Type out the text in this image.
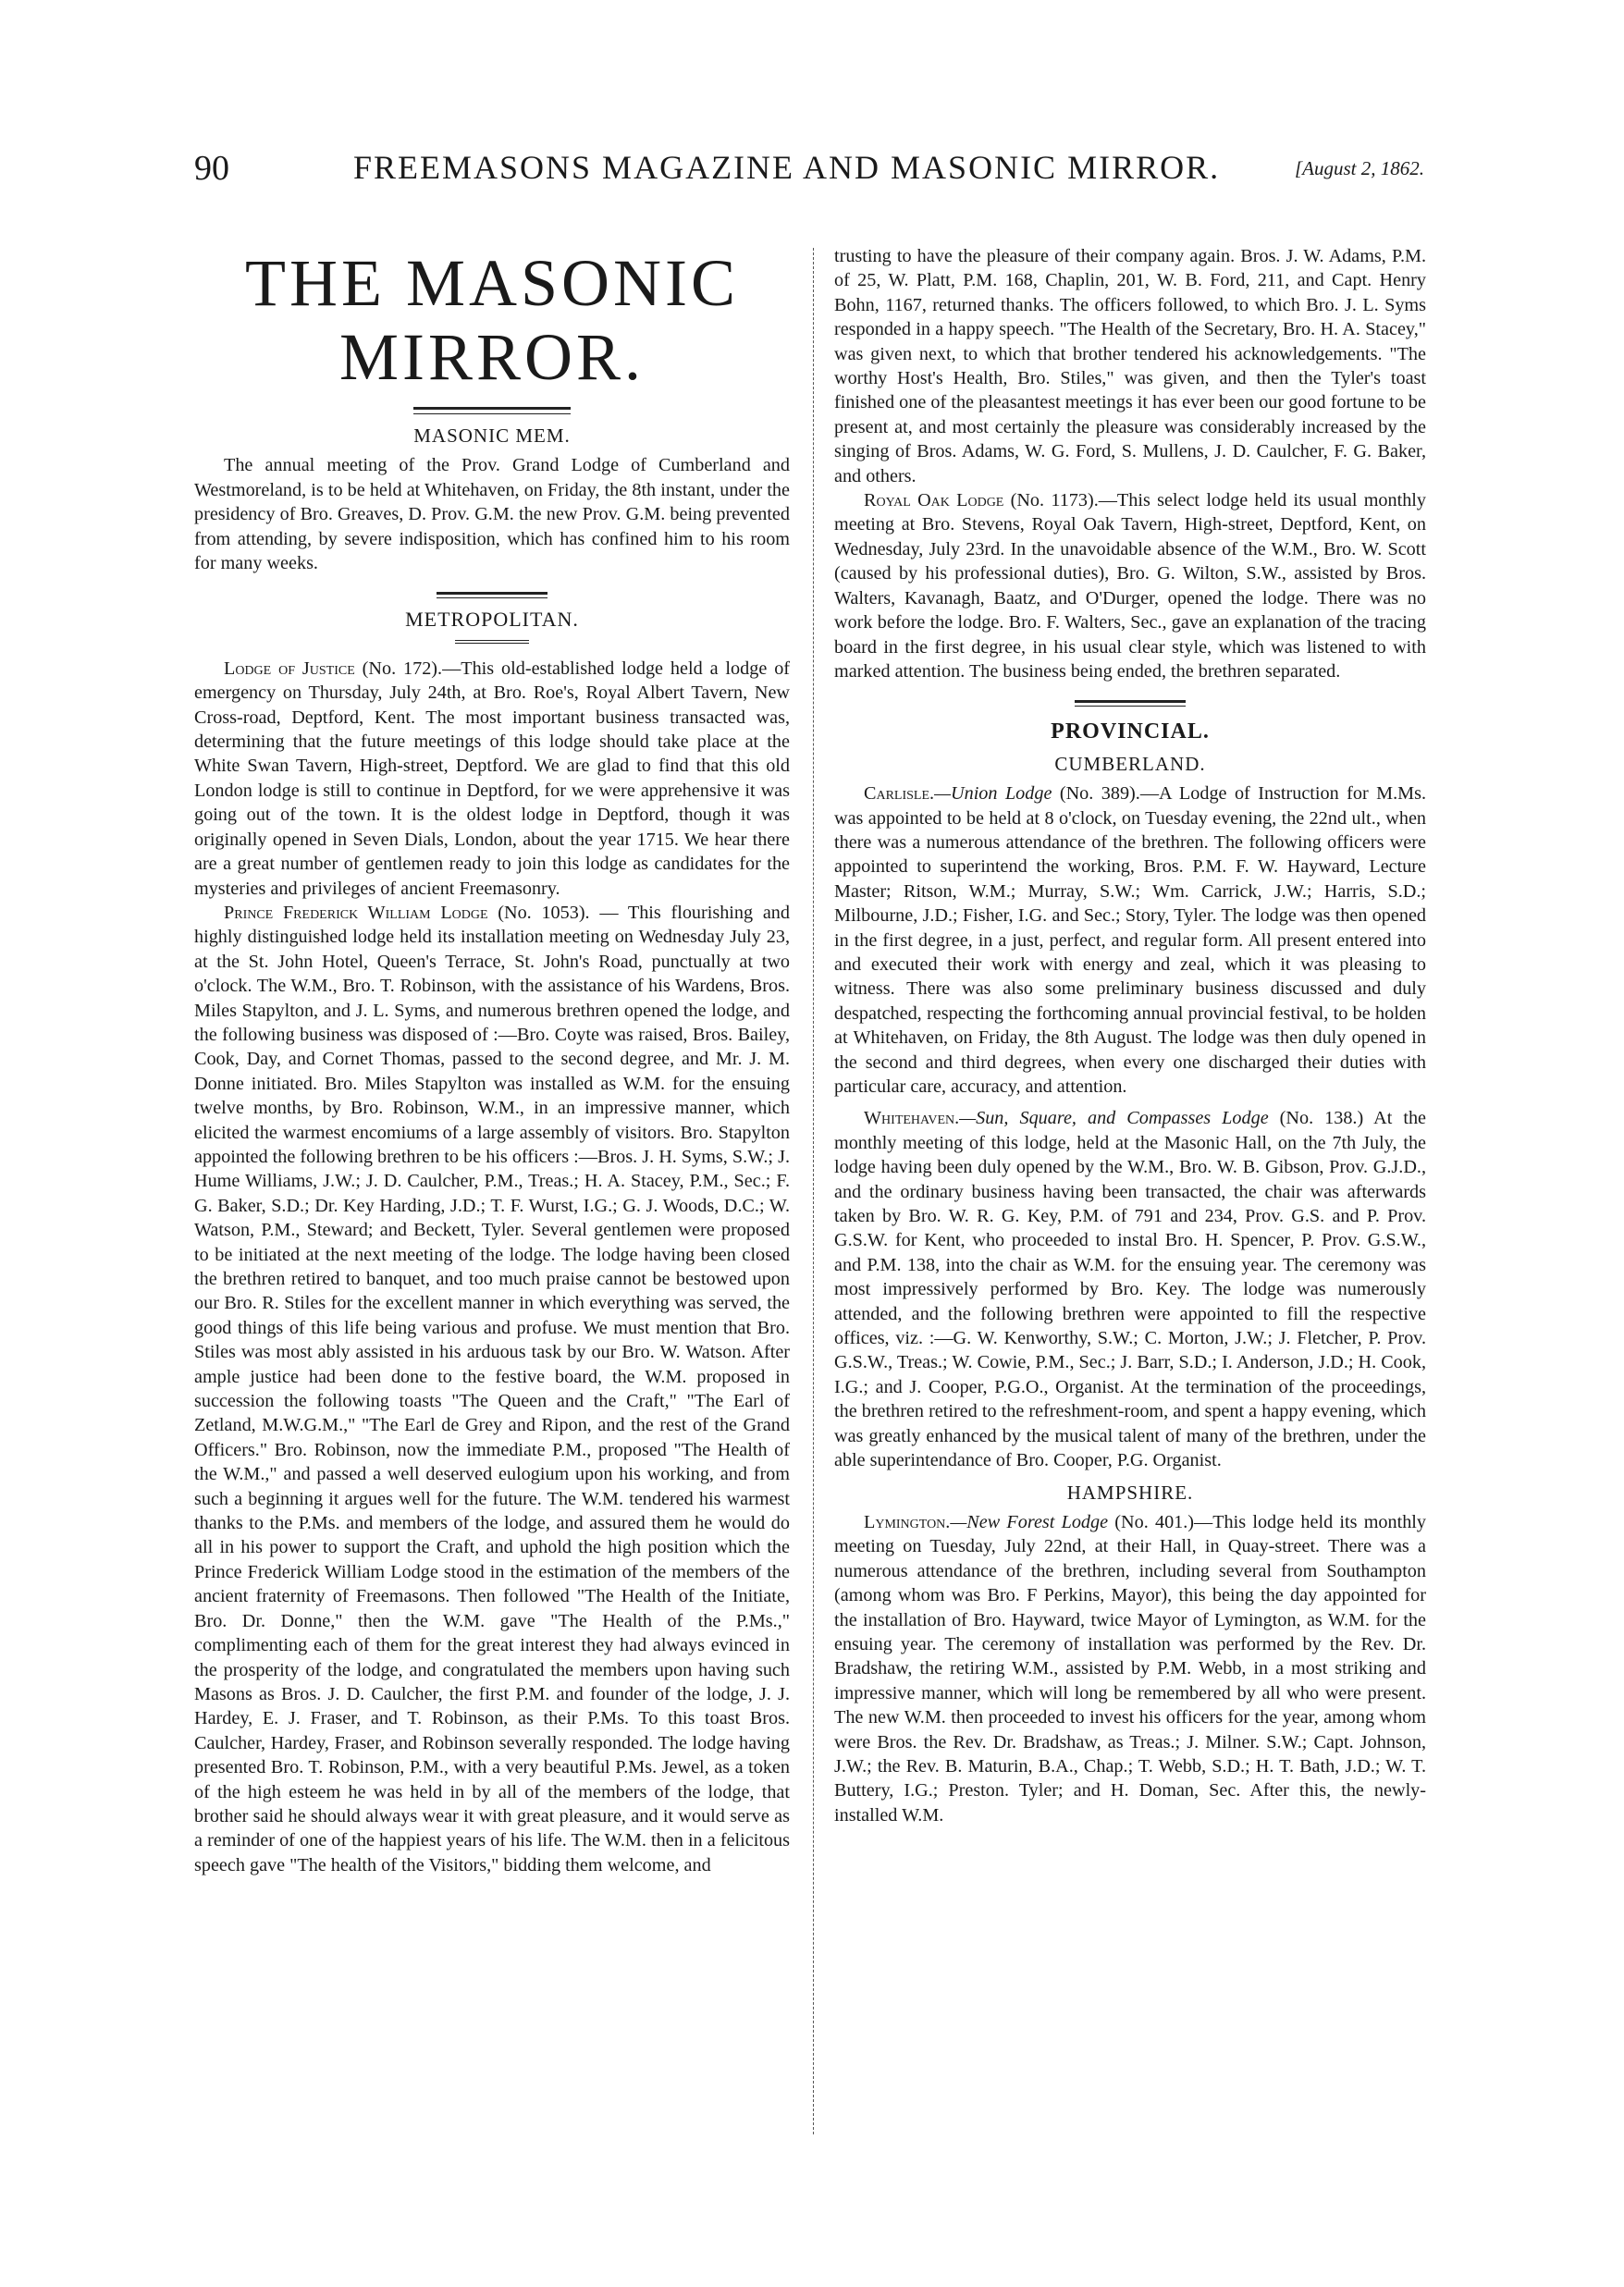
90	FREEMASONS MAGAZINE AND MASONIC MIRROR.	[August 2, 1862.
THE MASONIC MIRROR.
MASONIC MEM.

The annual meeting of the Prov. Grand Lodge of Cumberland and Westmoreland, is to be held at Whitehaven, on Friday, the 8th instant, under the presidency of Bro. Greaves, D. Prov. G.M. the new Prov. G.M. being prevented from attending, by severe indisposition, which has confined him to his room for many weeks.

METROPOLITAN.

Lodge of Justice (No. 172).—This old-established lodge held a lodge of emergency on Thursday, July 24th, at Bro. Roe's, Royal Albert Tavern, New Cross-road, Deptford, Kent. The most important business transacted was, determining that the future meetings of this lodge should take place at the White Swan Tavern, High-street, Deptford. We are glad to find that this old London lodge is still to continue in Deptford, for we were apprehensive it was going out of the town. It is the oldest lodge in Deptford, though it was originally opened in Seven Dials, London, about the year 1715. We hear there are a great number of gentlemen ready to join this lodge as candidates for the mysteries and privileges of ancient Freemasonry.

Prince Frederick William Lodge (No. 1053). — This flourishing and highly distinguished lodge held its installation meeting on Wednesday July 23, at the St. John Hotel, Queen's Terrace, St. John's Road, punctually at two o'clock. The W.M., Bro. T. Robinson, with the assistance of his Wardens, Bros. Miles Stapylton, and J. L. Syms, and numerous brethren opened the lodge, and the following business was disposed of :—Bro. Coyte was raised, Bros. Bailey, Cook, Day, and Cornet Thomas, passed to the second degree, and Mr. J. M. Donne initiated. Bro. Miles Stapylton was installed as W.M. for the ensuing twelve months, by Bro. Robinson, W.M., in an impressive manner, which elicited the warmest encomiums of a large assembly of visitors. Bro. Stapylton appointed the following brethren to be his officers :—Bros. J. H. Syms, S.W.; J. Hume Williams, J.W.; J. D. Caulcher, P.M., Treas.; H. A. Stacey, P.M., Sec.; F. G. Baker, S.D.; Dr. Key Harding, J.D.; T. F. Wurst, I.G.; G. J. Woods, D.C.; W. Watson, P.M., Steward; and Beckett, Tyler. Several gentlemen were proposed to be initiated at the next meeting of the lodge. The lodge having been closed the brethren retired to banquet, and too much praise cannot be bestowed upon our Bro. R. Stiles for the excellent manner in which everything was served, the good things of this life being various and profuse. We must mention that Bro. Stiles was most ably assisted in his arduous task by our Bro. W. Watson. After ample justice had been done to the festive board, the W.M. proposed in succession the following toasts "The Queen and the Craft," "The Earl of Zetland, M.W.G.M.," "The Earl de Grey and Ripon, and the rest of the Grand Officers." Bro. Robinson, now the immediate P.M., proposed "The Health of the W.M.," and passed a well deserved eulogium upon his working, and from such a beginning it argues well for the future. The W.M. tendered his warmest thanks to the P.Ms. and members of the lodge, and assured them he would do all in his power to support the Craft, and uphold the high position which the Prince Frederick William Lodge stood in the estimation of the members of the ancient fraternity of Freemasons. Then followed "The Health of the Initiate, Bro. Dr. Donne," then the W.M. gave "The Health of the P.Ms.," complimenting each of them for the great interest they had always evinced in the prosperity of the lodge, and congratulated the members upon having such Masons as Bros. J. D. Caulcher, the first P.M. and founder of the lodge, J. J. Hardey, E. J. Fraser, and T. Robinson, as their P.Ms. To this toast Bros. Caulcher, Hardey, Fraser, and Robinson severally responded. The lodge having presented Bro. T. Robinson, P.M., with a very beautiful P.Ms. Jewel, as a token of the high esteem he was held in by all of the members of the lodge, that brother said he should always wear it with great pleasure, and it would serve as a reminder of one of the happiest years of his life. The W.M. then in a felicitous speech gave "The health of the Visitors," bidding them welcome, and

trusting to have the pleasure of their company again. Bros. J. W. Adams, P.M. of 25, W. Platt, P.M. 168, Chaplin, 201, W. B. Ford, 211, and Capt. Henry Bohn, 1167, returned thanks. The officers followed, to which Bro. J. L. Syms responded in a happy speech. "The Health of the Secretary, Bro. H. A. Stacey," was given next, to which that brother tendered his acknowledgements. "The worthy Host's Health, Bro. Stiles," was given, and then the Tyler's toast finished one of the pleasantest meetings it has ever been our good fortune to be present at, and most certainly the pleasure was considerably increased by the singing of Bros. Adams, W. G. Ford, S. Mullens, J. D. Caulcher, F. G. Baker, and others.

Royal Oak Lodge (No. 1173).—This select lodge held its usual monthly meeting at Bro. Stevens, Royal Oak Tavern, High-street, Deptford, Kent, on Wednesday, July 23rd. In the unavoidable absence of the W.M., Bro. W. Scott (caused by his professional duties), Bro. G. Wilton, S.W., assisted by Bros. Walters, Kavanagh, Baatz, and O'Durger, opened the lodge. There was no work before the lodge. Bro. F. Walters, Sec., gave an explanation of the tracing board in the first degree, in his usual clear style, which was listened to with marked attention. The business being ended, the brethren separated.

PROVINCIAL.
CUMBERLAND.

Carlisle.—Union Lodge (No. 389).—A Lodge of Instruction for M.Ms. was appointed to be held at 8 o'clock, on Tuesday evening, the 22nd ult., when there was a numerous attendance of the brethren. The following officers were appointed to superintend the working, Bros. P.M. F. W. Hayward, Lecture Master; Ritson, W.M.; Murray, S.W.; Wm. Carrick, J.W.; Harris, S.D.; Milbourne, J.D.; Fisher, I.G. and Sec.; Story, Tyler. The lodge was then opened in the first degree, in a just, perfect, and regular form. All present entered into and executed their work with energy and zeal, which it was pleasing to witness. There was also some preliminary business discussed and duly despatched, respecting the forthcoming annual provincial festival, to be holden at Whitehaven, on Friday, the 8th August. The lodge was then duly opened in the second and third degrees, when every one discharged their duties with particular care, accuracy, and attention.

Whitehaven.—Sun, Square, and Compasses Lodge (No. 138.) At the monthly meeting of this lodge, held at the Masonic Hall, on the 7th July, the lodge having been duly opened by the W.M., Bro. W. B. Gibson, Prov. G.J.D., and the ordinary business having been transacted, the chair was afterwards taken by Bro. W. R. G. Key, P.M. of 791 and 234, Prov. G.S. and P. Prov. G.S.W. for Kent, who proceeded to instal Bro. H. Spencer, P. Prov. G.S.W., and P.M. 138, into the chair as W.M. for the ensuing year. The ceremony was most impressively performed by Bro. Key. The lodge was numerously attended, and the following brethren were appointed to fill the respective offices, viz. :—G. W. Kenworthy, S.W.; C. Morton, J.W.; J. Fletcher, P. Prov. G.S.W., Treas.; W. Cowie, P.M., Sec.; J. Barr, S.D.; I. Anderson, J.D.; H. Cook, I.G.; and J. Cooper, P.G.O., Organist. At the termination of the proceedings, the brethren retired to the refreshment-room, and spent a happy evening, which was greatly enhanced by the musical talent of many of the brethren, under the able superintendance of Bro. Cooper, P.G. Organist.

HAMPSHIRE.

Lymington.—New Forest Lodge (No. 401.)—This lodge held its monthly meeting on Tuesday, July 22nd, at their Hall, in Quay-street. There was a numerous attendance of the brethren, including several from Southampton (among whom was Bro. F Perkins, Mayor), this being the day appointed for the installation of Bro. Hayward, twice Mayor of Lymington, as W.M. for the ensuing year. The ceremony of installation was performed by the Rev. Dr. Bradshaw, the retiring W.M., assisted by P.M. Webb, in a most striking and impressive manner, which will long be remembered by all who were present. The new W.M. then proceeded to invest his officers for the year, among whom were Bros. the Rev. Dr. Bradshaw, as Treas.; J. Milner. S.W.; Capt. Johnson, J.W.; the Rev. B. Maturin, B.A., Chap.; T. Webb, S.D.; H. T. Bath, J.D.; W. T. Buttery, I.G.; Preston. Tyler; and H. Doman, Sec. After this, the newly-installed W.M.
